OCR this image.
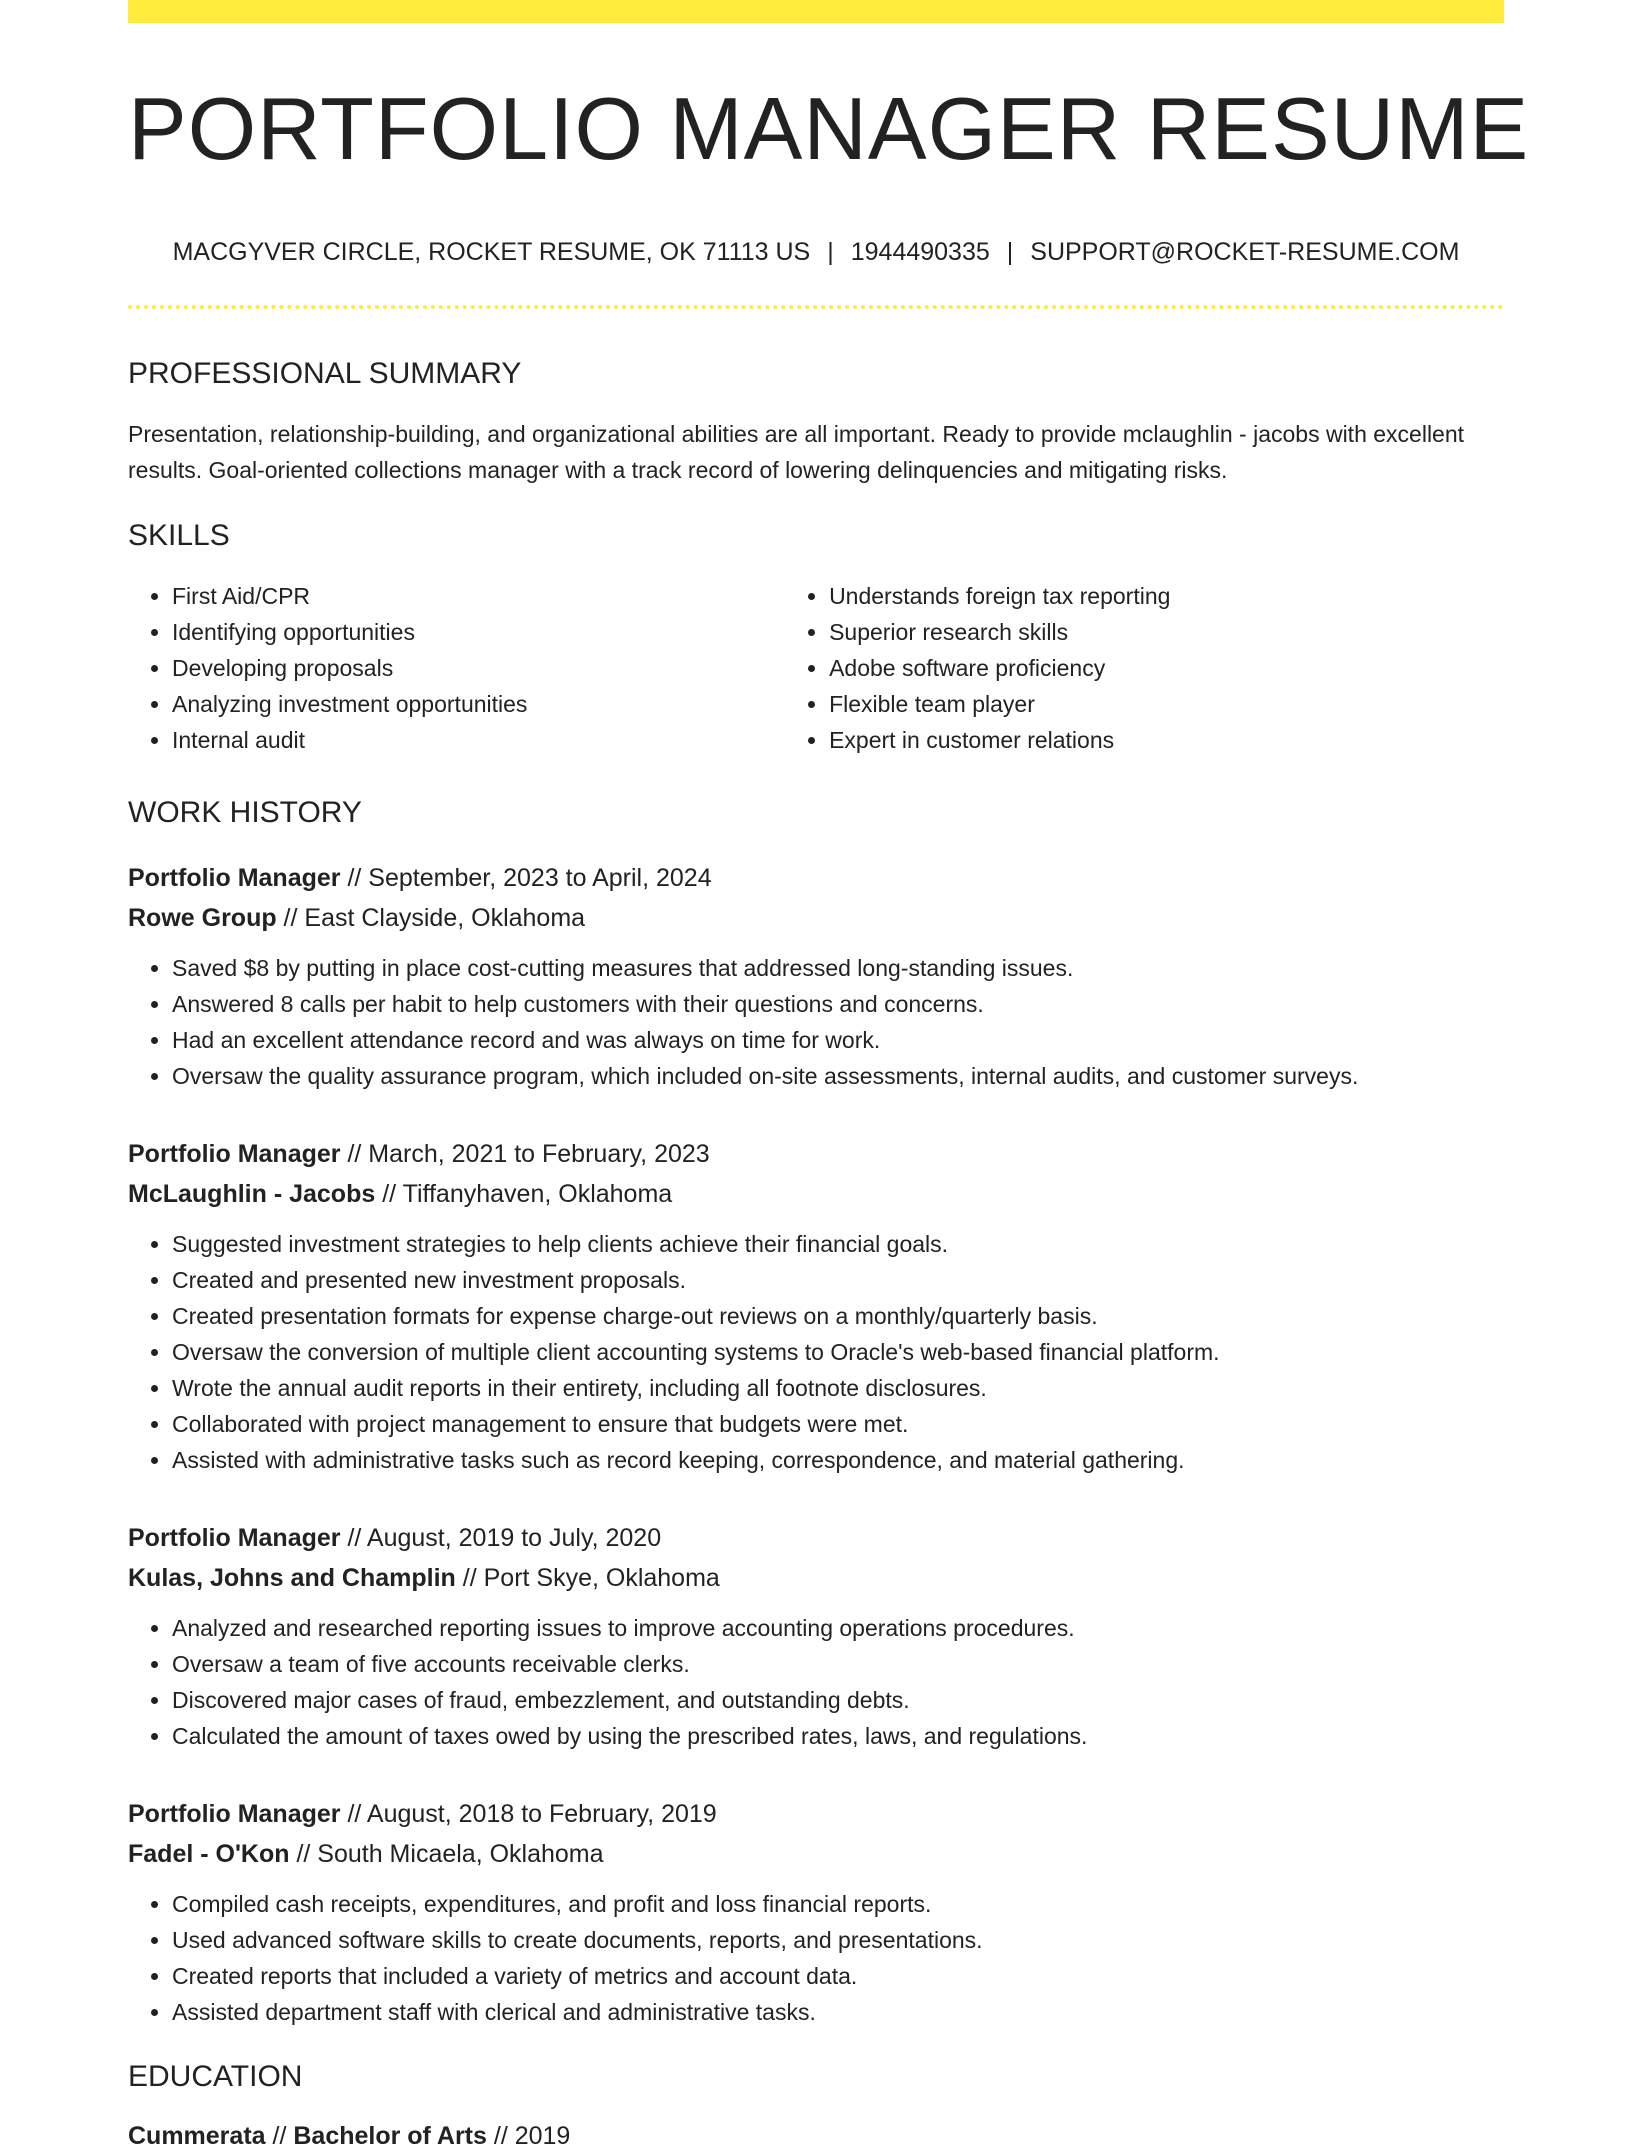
PORTFOLIO MANAGER RESUME
MACGYVER CIRCLE, ROCKET RESUME, OK 71113 US | 1944490335 | SUPPORT@ROCKET-RESUME.COM
PROFESSIONAL SUMMARY
Presentation, relationship-building, and organizational abilities are all important. Ready to provide mclaughlin - jacobs with excellent results. Goal-oriented collections manager with a track record of lowering delinquencies and mitigating risks.
SKILLS
• First Aid/CPR
• Identifying opportunities
• Developing proposals
• Analyzing investment opportunities
• Internal audit
• Understands foreign tax reporting
• Superior research skills
• Adobe software proficiency
• Flexible team player
• Expert in customer relations
WORK HISTORY
Portfolio Manager // September, 2023 to April, 2024
Rowe Group // East Clayside, Oklahoma
• Saved $8 by putting in place cost-cutting measures that addressed long-standing issues.
• Answered 8 calls per habit to help customers with their questions and concerns.
• Had an excellent attendance record and was always on time for work.
• Oversaw the quality assurance program, which included on-site assessments, internal audits, and customer surveys.
Portfolio Manager // March, 2021 to February, 2023
McLaughlin - Jacobs // Tiffanyhaven, Oklahoma
• Suggested investment strategies to help clients achieve their financial goals.
• Created and presented new investment proposals.
• Created presentation formats for expense charge-out reviews on a monthly/quarterly basis.
• Oversaw the conversion of multiple client accounting systems to Oracle's web-based financial platform.
• Wrote the annual audit reports in their entirety, including all footnote disclosures.
• Collaborated with project management to ensure that budgets were met.
• Assisted with administrative tasks such as record keeping, correspondence, and material gathering.
Portfolio Manager // August, 2019 to July, 2020
Kulas, Johns and Champlin // Port Skye, Oklahoma
• Analyzed and researched reporting issues to improve accounting operations procedures.
• Oversaw a team of five accounts receivable clerks.
• Discovered major cases of fraud, embezzlement, and outstanding debts.
• Calculated the amount of taxes owed by using the prescribed rates, laws, and regulations.
Portfolio Manager // August, 2018 to February, 2019
Fadel - O'Kon // South Micaela, Oklahoma
• Compiled cash receipts, expenditures, and profit and loss financial reports.
• Used advanced software skills to create documents, reports, and presentations.
• Created reports that included a variety of metrics and account data.
• Assisted department staff with clerical and administrative tasks.
EDUCATION
Cummerata // Bachelor of Arts // 2019
